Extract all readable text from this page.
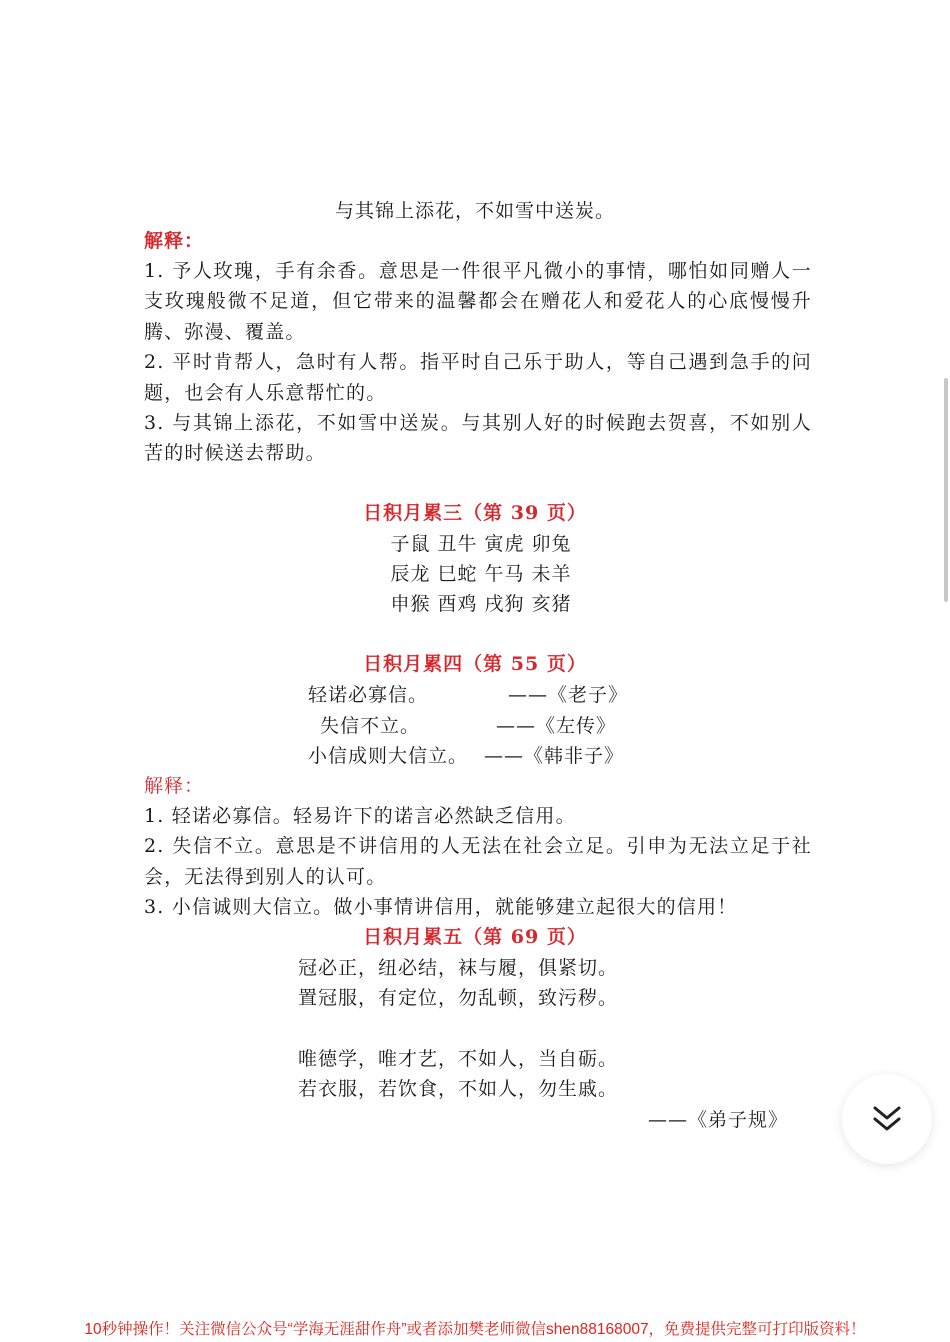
与其锦上添花，不如雪中送炭。
解释：

1. 予人玫瑰，手有余香。意思是一件很平凡微小的事情，哪怕如同赠人一支玫瑰般微不足道，但它带来的温馨都会在赠花人和爱花人的心底慢慢升腾、弥漫、覆盖。

2. 平时肯帮人，急时有人帮。指平时自己乐于助人，等自己遇到急手的问题，也会有人乐意帮忙的。

3. 与其锦上添花，不如雪中送炭。与其别人好的时候跑去贺喜，不如别人苦的时候送去帮助。

日积月累三（第 39 页）
子鼠 丑牛 寅虎 卯兔
辰龙 巳蛇 午马 未羊
申猴 酉鸡 戌狗 亥猪
日积月累四（第 55 页）
轻诺必寡信。	——《老子》
失信不立。	——《左传》
小信成则大信立。 ——《韩非子》
解释：

1. 轻诺必寡信。轻易许下的诺言必然缺乏信用。

2. 失信不立。意思是不讲信用的人无法在社会立足。引申为无法立足于社会，无法得到别人的认可。

3. 小信诚则大信立。做小事情讲信用，就能够建立起很大的信用！

日积月累五（第 69 页）
冠必正，纽必结，袜与履，俱紧切。
置冠服，有定位，勿乱顿，致污秽。
唯德学，唯才艺，不如人，当自砺。
若衣服，若饮食，不如人，勿生戚。
——《弟子规》
10秒钟操作！关注微信公众号“学海无涯甜作舟”或者添加樊老师微信shen88168007，免费提供完整可打印版资料！
